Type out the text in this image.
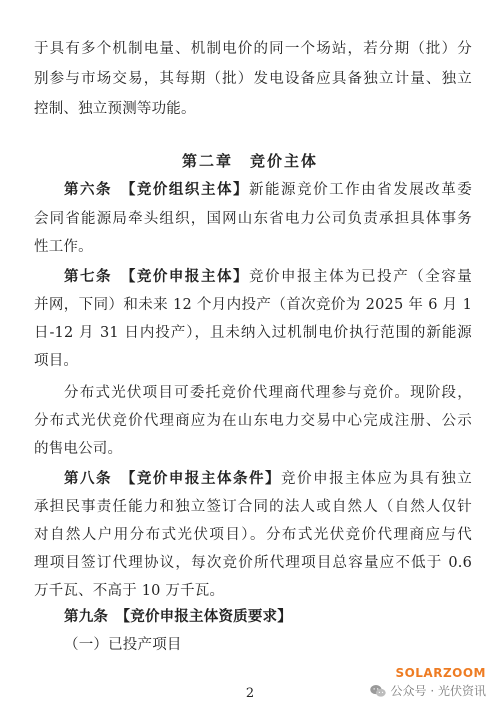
于具有多个机制电量、机制电价的同一个场站，若分期（批）分
别参与市场交易，其每期（批）发电设备应具备独立计量、独立
控制、独立预测等功能。
第二章　竞价主体
第六条　【竞价组织主体】新能源竞价工作由省发展改革委
会同省能源局牵头组织，国网山东省电力公司负责承担具体事务
性工作。
第七条　【竞价申报主体】竞价申报主体为已投产（全容量
并网，下同）和未来 12 个月内投产（首次竞价为 2025 年 6 月 1
日-12 月 31 日内投产），且未纳入过机制电价执行范围的新能源
项目。
分布式光伏项目可委托竞价代理商代理参与竞价。现阶段，
分布式光伏竞价代理商应为在山东电力交易中心完成注册、公示
的售电公司。
第八条　【竞价申报主体条件】竞价申报主体应为具有独立
承担民事责任能力和独立签订合同的法人或自然人（自然人仅针
对自然人户用分布式光伏项目）。分布式光伏竞价代理商应与代
理项目签订代理协议，每次竞价所代理项目总容量应不低于 0.6
万千瓦、不高于 10 万千瓦。
第九条　【竞价申报主体资质要求】
（一）已投产项目
2
SOLARZOOM
公众号 · 光伏资讯
